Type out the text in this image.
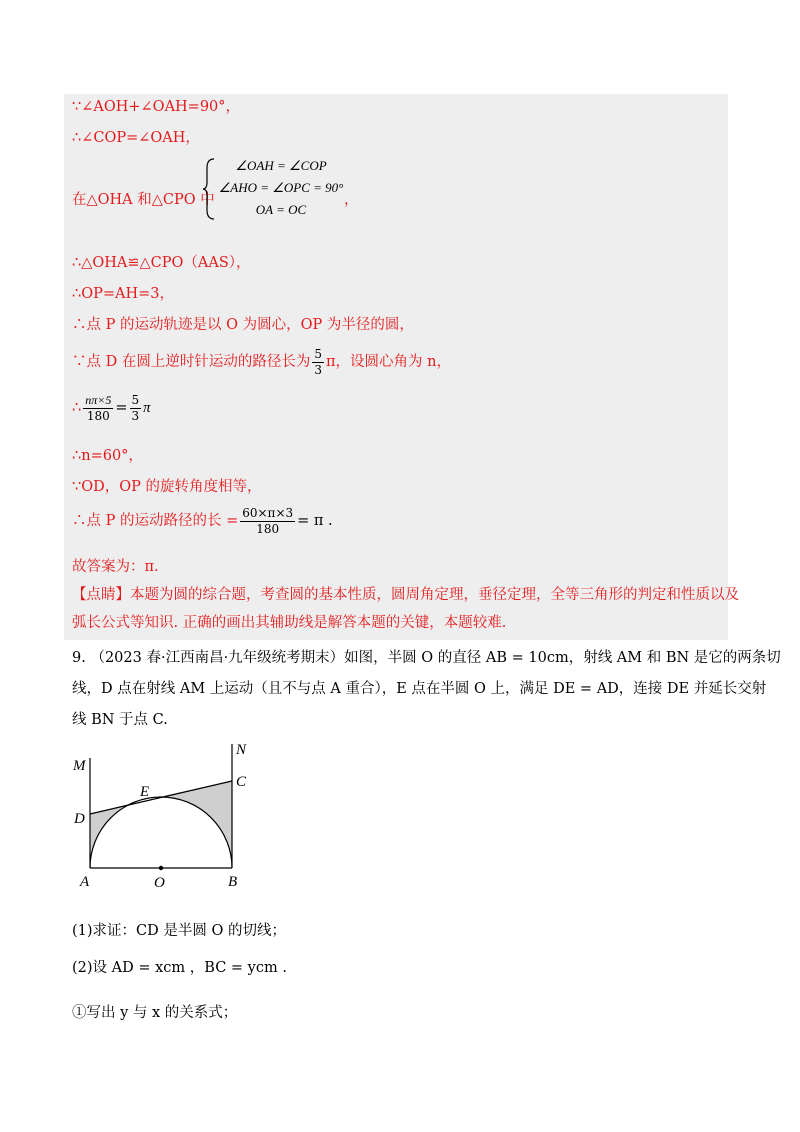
∵∠AOH+∠OAH=90°，
∴∠COP=∠OAH，
在△OHA 和△CPO 中
∠OAH = ∠COP
∠AHO = ∠OPC = 90°
OA = OC
，
∴△OHA≌△CPO（AAS），
∴OP=AH=3，
∴点 P 的运动轨迹是以 O 为圆心，OP 为半径的圆，
∵点 D 在圆上逆时针运动的路径长为 $\frac{5}{3}$ π，设圆心角为 n，
∴ $\frac{n\pi\times 5}{180} = \frac{5}{3}$ π
∴n=60°，
∵OD，OP 的旋转角度相等，
∴点 P 的运动路径的长 = $\frac{60\times\pi\times 3}{180} = \pi$ .
故答案为：π.
【点睛】本题为圆的综合题，考查圆的基本性质，圆周角定理，垂径定理，全等三角形的判定和性质以及
弧长公式等知识. 正确的画出其辅助线是解答本题的关键，本题较难.
9. （2023 春·江西南昌·九年级统考期末）如图，半圆 O 的直径 AB = 10cm，射线 AM 和 BN 是它的两条切
线，D 点在射线 AM 上运动（且不与点 A 重合），E 点在半圆 O 上，满足 DE = AD，连接 DE 并延长交射
线 BN 于点 C.
M
N
C
E
D
A	O	B
(1)求证：CD 是半圆 O 的切线；
(2)设 AD = xcm ，BC = ycm .
①写出 y 与 x 的关系式；
